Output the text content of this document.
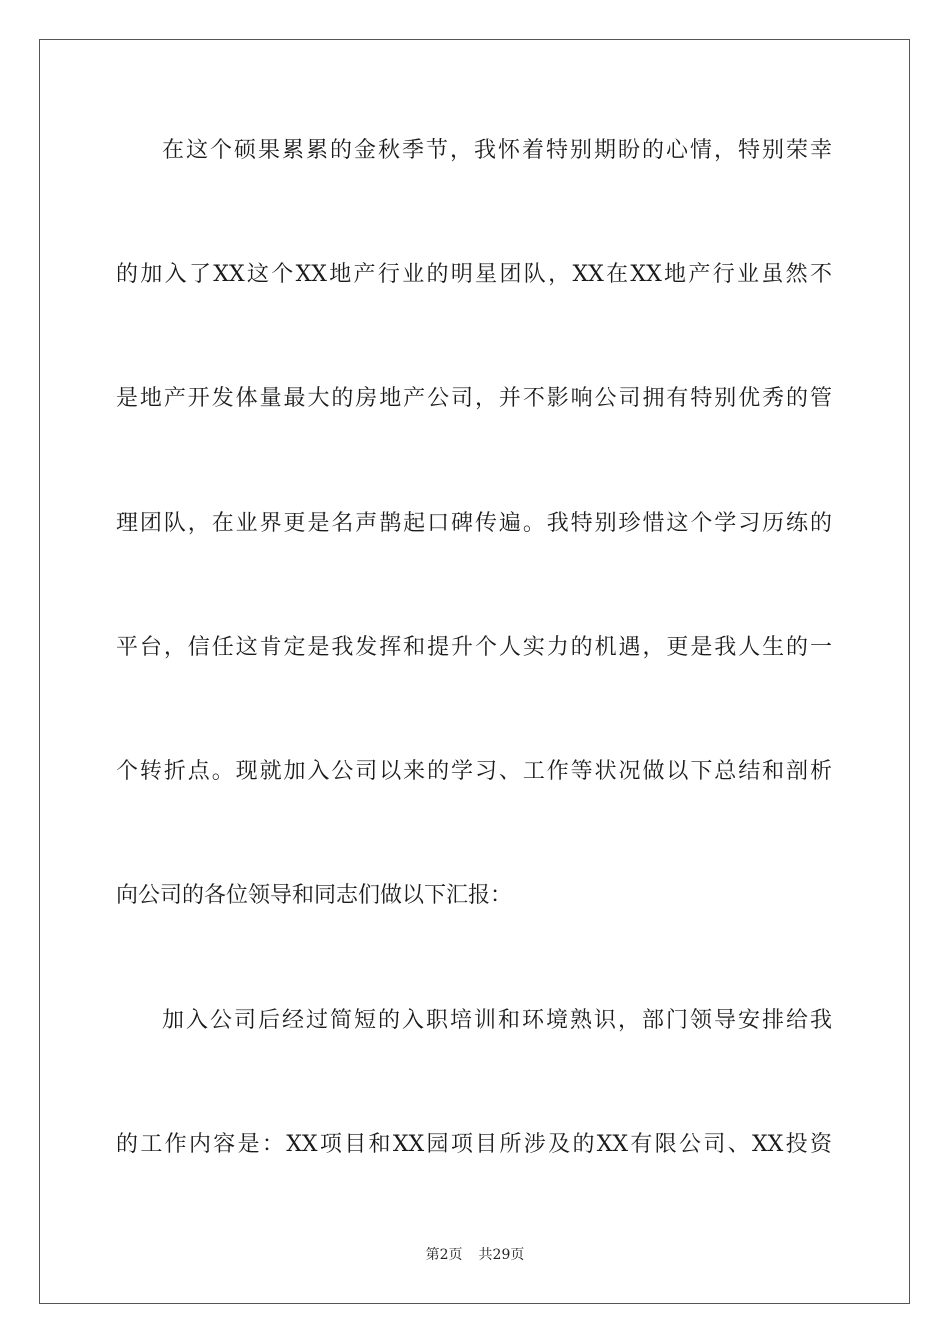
在这个硕果累累的金秋季节，我怀着特别期盼的心情，特别荣幸
的加入了XX这个XX地产行业的明星团队，XX在XX地产行业虽然不
是地产开发体量最大的房地产公司，并不影响公司拥有特别优秀的管
理团队，在业界更是名声鹊起口碑传遍。我特别珍惜这个学习历练的
平台，信任这肯定是我发挥和提升个人实力的机遇，更是我人生的一
个转折点。现就加入公司以来的学习、工作等状况做以下总结和剖析
向公司的各位领导和同志们做以下汇报：
加入公司后经过简短的入职培训和环境熟识，部门领导安排给我
的工作内容是：XX项目和XX园项目所涉及的XX有限公司、XX投资
第2页 共29页
